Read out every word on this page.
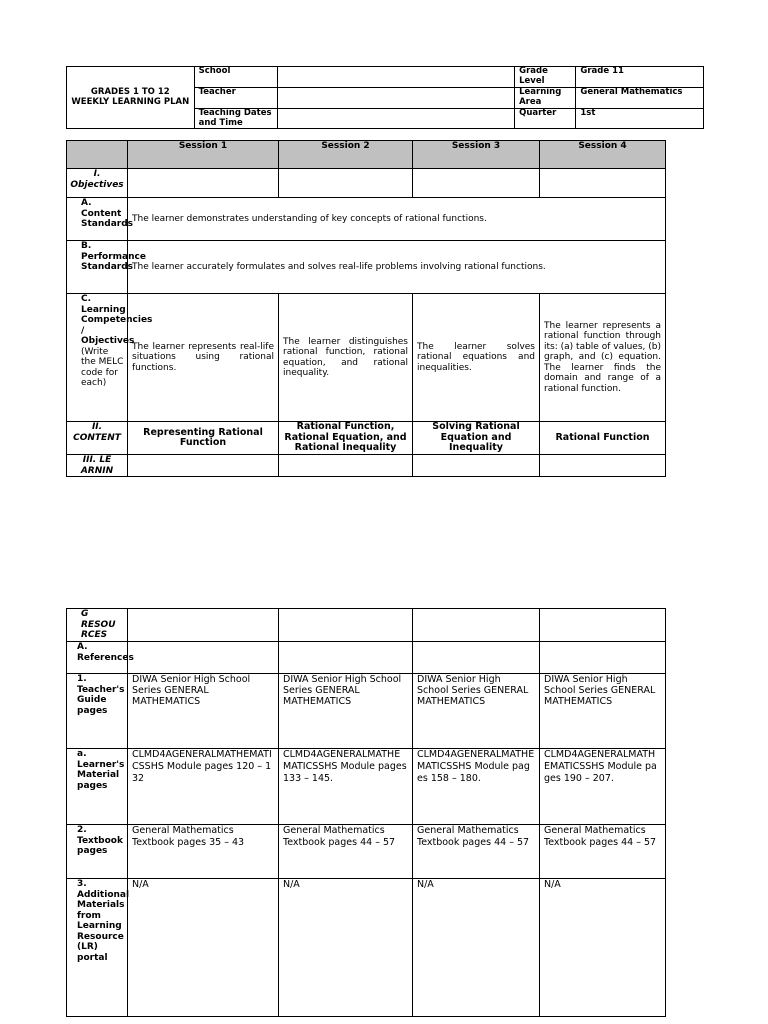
GRADES 1 TO 12 WEEKLY LEARNING PLAN	School		Grade Level	Grade 11
	Teacher		Learning Area	General Mathematics
	Teaching Dates and Time		Quarter	1st
	Session 1	Session 2	Session 3	Session 4
I. Objectives				
A. Content Standards	The learner demonstrates understanding of key concepts of rational functions.			
B. Performance Standards	The learner accurately formulates and solves real-life problems involving rational functions.			
C. Learning Competencies / Objectives (Write the MELC code for each)	The learner represents real-life situations using rational functions.	The learner distinguishes rational function, rational equation, and rational inequality.	The learner solves rational equations and inequalities.	The learner represents a rational function through its: (a) table of values, (b) graph, and (c) equation. The learner finds the domain and range of a rational function.
II. CONTENT	Representing Rational Function	Rational Function, Rational Equation, and Rational Inequality	Solving Rational Equation and Inequality	Rational Function
III. LE ARNIN				
G RESOU RCES				
A. References				
1. Teacher's Guide pages	DIWA Senior High School Series GENERAL MATHEMATICS	DIWA Senior High School Series GENERAL MATHEMATICS	DIWA Senior High School Series GENERAL MATHEMATICS	DIWA Senior High School Series GENERAL MATHEMATICS
a. Learner's Material pages	CLMD4AGENERALMATHEMATICSSHS Module pages 120 – 132	CLMD4AGENERALMATHEMATICSSHS Module pages 133 – 145.	CLMD4AGENERALMATHEMATICSSHS Module pages 158 – 180.	CLMD4AGENERALMATHEMATICSSHS Module pages 190 – 207.
2. Textbook pages	General Mathematics Textbook pages 35 – 43	General Mathematics Textbook pages 44 – 57	General Mathematics Textbook pages 44 – 57	General Mathematics Textbook pages 44 – 57
3. Additional Materials from Learning Resource (LR) portal	N/A	N/A	N/A	N/A
